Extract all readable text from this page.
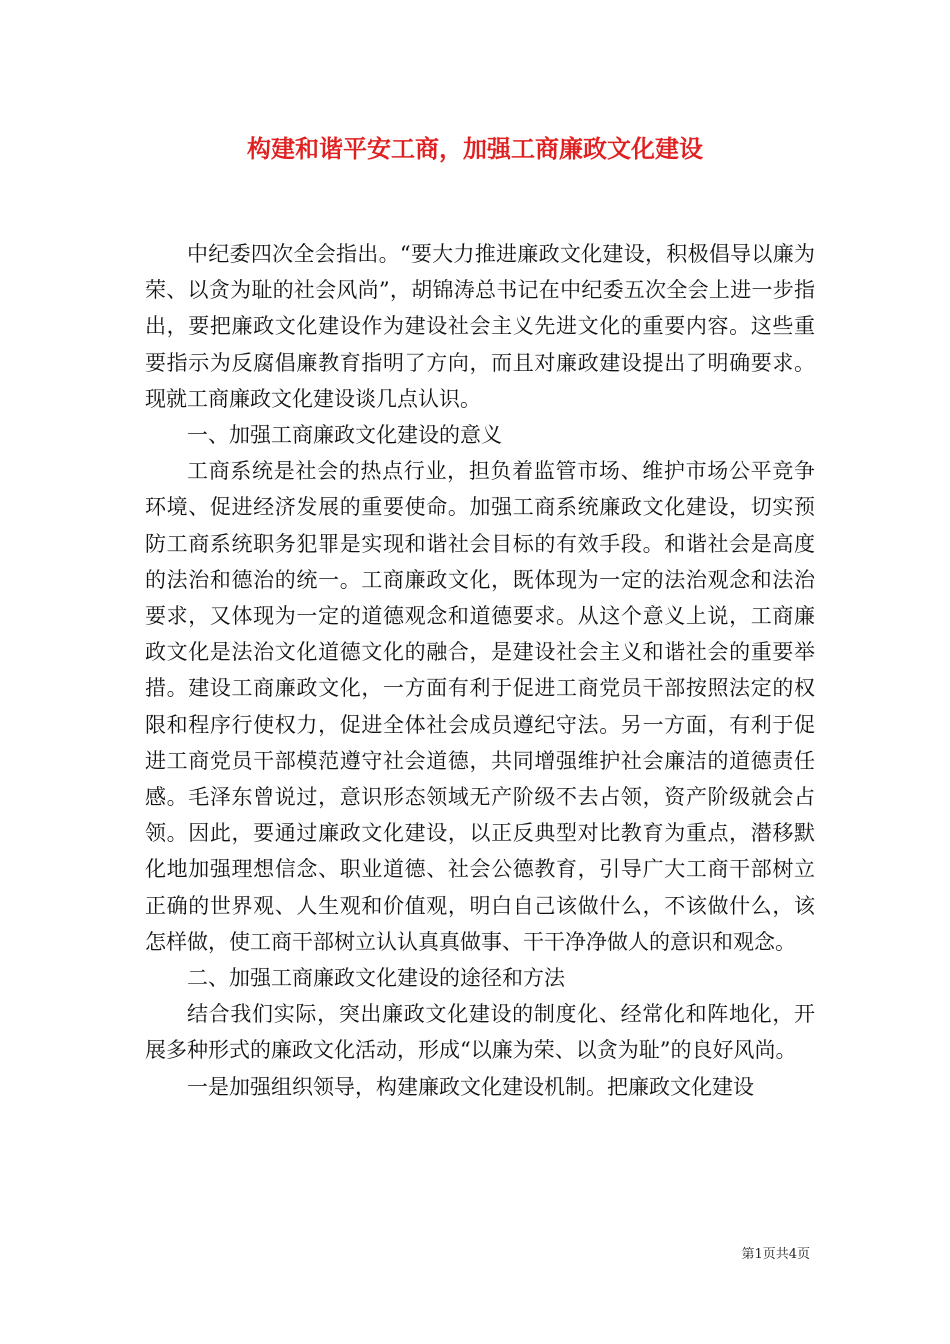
构建和谐平安工商，加强工商廉政文化建设

中纪委四次全会指出。“要大力推进廉政文化建设，积极倡导以廉为荣、以贪为耻的社会风尚”，胡锦涛总书记在中纪委五次全会上进一步指出，要把廉政文化建设作为建设社会主义先进文化的重要内容。这些重要指示为反腐倡廉教育指明了方向，而且对廉政建设提出了明确要求。现就工商廉政文化建设谈几点认识。

一、加强工商廉政文化建设的意义

工商系统是社会的热点行业，担负着监管市场、维护市场公平竞争环境、促进经济发展的重要使命。加强工商系统廉政文化建设，切实预防工商系统职务犯罪是实现和谐社会目标的有效手段。和谐社会是高度的法治和德治的统一。工商廉政文化，既体现为一定的法治观念和法治要求，又体现为一定的道德观念和道德要求。从这个意义上说，工商廉政文化是法治文化道德文化的融合，是建设社会主义和谐社会的重要举措。建设工商廉政文化，一方面有利于促进工商党员干部按照法定的权限和程序行使权力，促进全体社会成员遵纪守法。另一方面，有利于促进工商党员干部模范遵守社会道德，共同增强维护社会廉洁的道德责任感。毛泽东曾说过，意识形态领域无产阶级不去占领，资产阶级就会占领。因此，要通过廉政文化建设，以正反典型对比教育为重点，潜移默化地加强理想信念、职业道德、社会公德教育，引导广大工商干部树立正确的世界观、人生观和价值观，明白自己该做什么，不该做什么，该怎样做，使工商干部树立认认真真做事、干干净净做人的意识和观念。

二、加强工商廉政文化建设的途径和方法

结合我们实际，突出廉政文化建设的制度化、经常化和阵地化，开展多种形式的廉政文化活动，形成“以廉为荣、以贪为耻”的良好风尚。

一是加强组织领导，构建廉政文化建设机制。把廉政文化建设

第1页共4页
